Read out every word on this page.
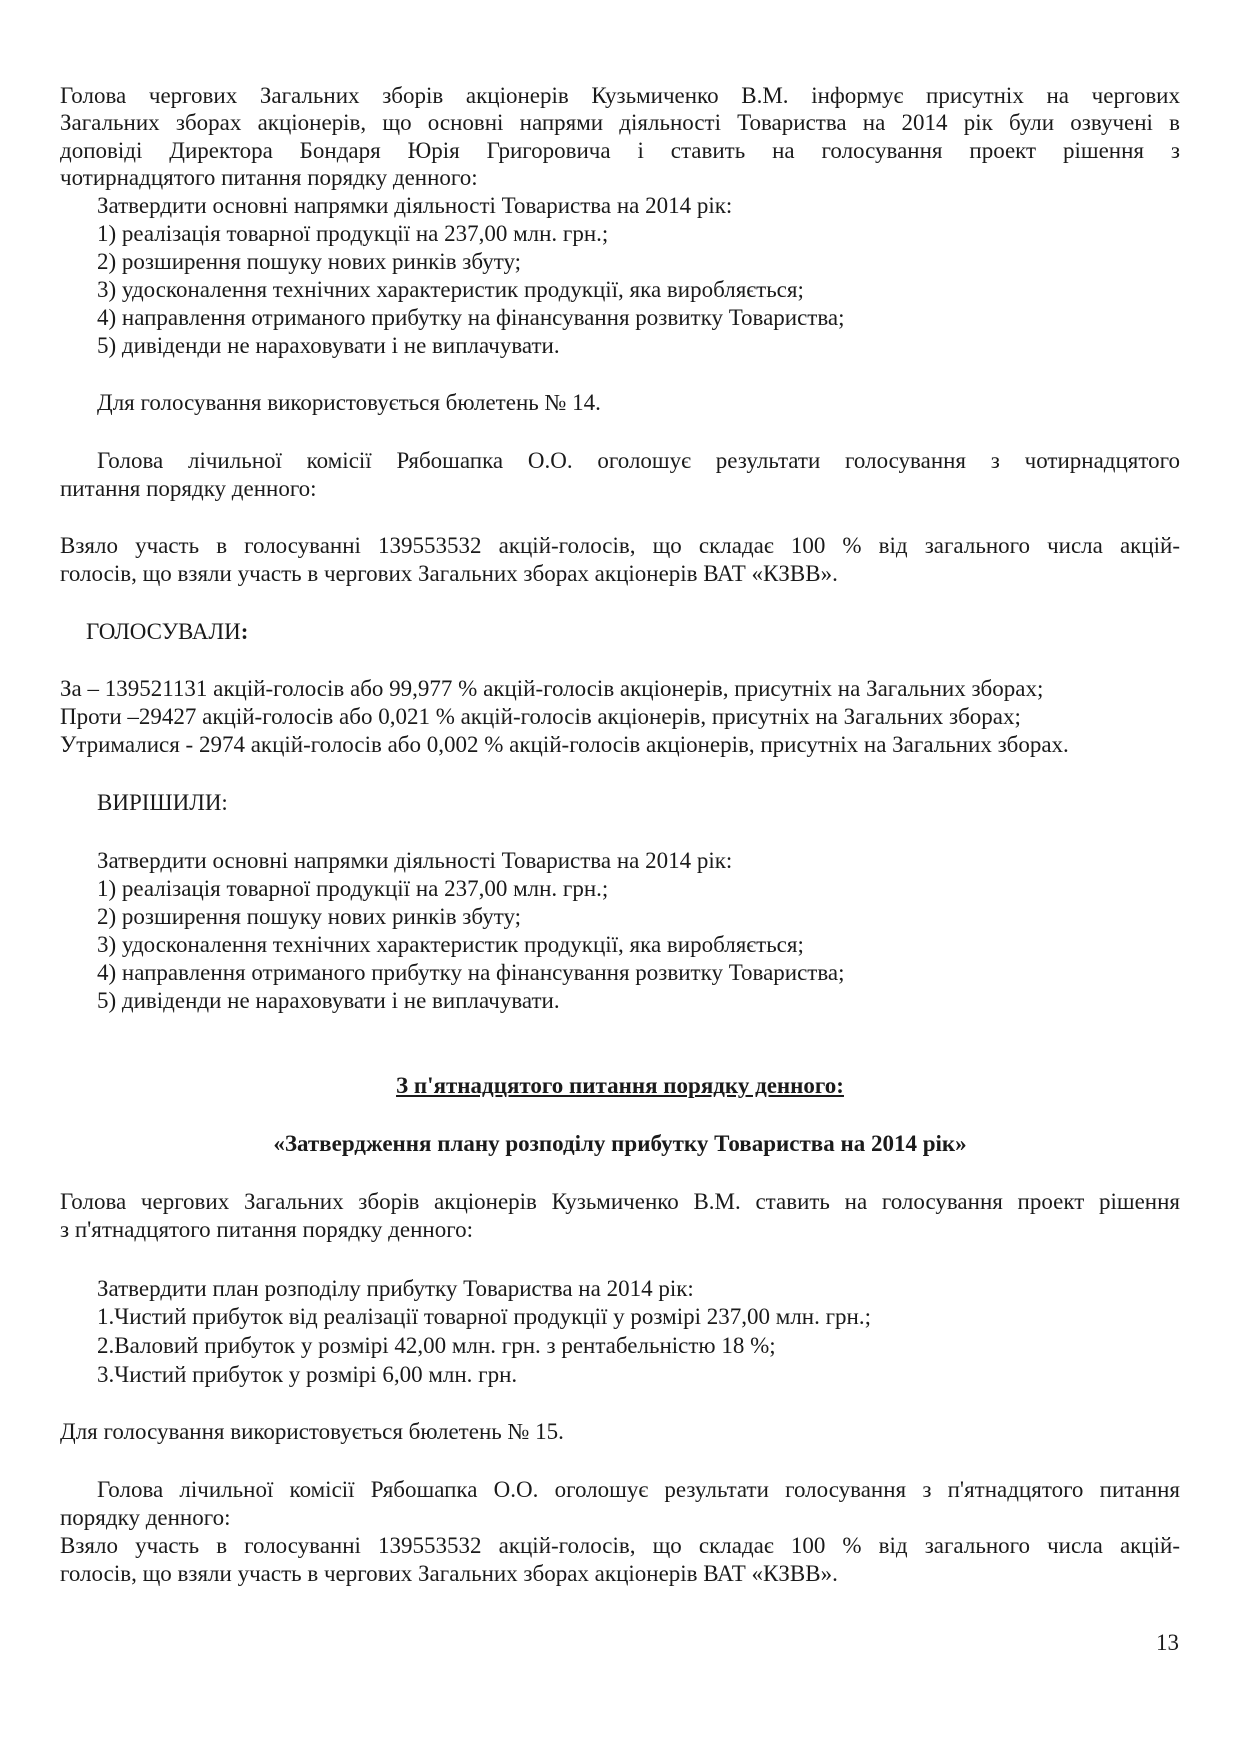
Голова чергових Загальних зборів акціонерів Кузьмиченко В.М. інформує присутніх на чергових
Загальних зборах акціонерів, що основні напрями діяльності Товариства на 2014 рік були озвучені в
доповіді Директора Бондаря Юрія Григоровича і ставить на голосування проект рішення з
чотирнадцятого питання порядку денного:
Затвердити основні напрямки діяльності Товариства на 2014 рік:
1) реалізація товарної продукції на 237,00 млн. грн.;
2) розширення пошуку нових ринків збуту;
3) удосконалення технічних характеристик продукції, яка виробляється;
4) направлення отриманого прибутку на фінансування розвитку Товариства;
5) дивіденди не нараховувати і не виплачувати.
Для голосування використовується бюлетень № 14.
Голова лічильної комісії Рябошапка О.О. оголошує результати голосування з чотирнадцятого
питання порядку денного:
Взяло участь в голосуванні 139553532 акцій-голосів, що складає 100 % від загального числа акцій-
голосів, що взяли участь в чергових Загальних зборах акціонерів ВАТ «КЗВВ».
ГОЛОСУВАЛИ:
За – 139521131 акцій-голосів або 99,977 % акцій-голосів акціонерів, присутніх на Загальних зборах;
Проти –29427 акцій-голосів або 0,021 % акцій-голосів акціонерів, присутніх на Загальних зборах;
Утрималися - 2974 акцій-голосів або 0,002 % акцій-голосів акціонерів, присутніх на Загальних зборах.
ВИРІШИЛИ:
Затвердити основні напрямки діяльності Товариства на 2014 рік:
1) реалізація товарної продукції на 237,00 млн. грн.;
2) розширення пошуку нових ринків збуту;
3) удосконалення технічних характеристик продукції, яка виробляється;
4) направлення отриманого прибутку на фінансування розвитку Товариства;
5) дивіденди не нараховувати і не виплачувати.
З п'ятнадцятого питання порядку денного:
«Затвердження плану розподілу прибутку Товариства на 2014 рік»
Голова чергових Загальних зборів акціонерів Кузьмиченко В.М. ставить на голосування проект рішення
з п'ятнадцятого питання порядку денного:
Затвердити план розподілу прибутку Товариства на 2014 рік:
1.Чистий прибуток від реалізації товарної продукції у розмірі 237,00 млн. грн.;
2.Валовий прибуток у розмірі 42,00 млн. грн. з рентабельністю 18 %;
3.Чистий прибуток у розмірі 6,00 млн. грн.
Для голосування використовується бюлетень № 15.
Голова лічильної комісії Рябошапка О.О. оголошує результати голосування з п'ятнадцятого питання
порядку денного:
Взяло участь в голосуванні 139553532 акцій-голосів, що складає 100 % від загального числа акцій-
голосів, що взяли участь в чергових Загальних зборах акціонерів ВАТ «КЗВВ».
13
